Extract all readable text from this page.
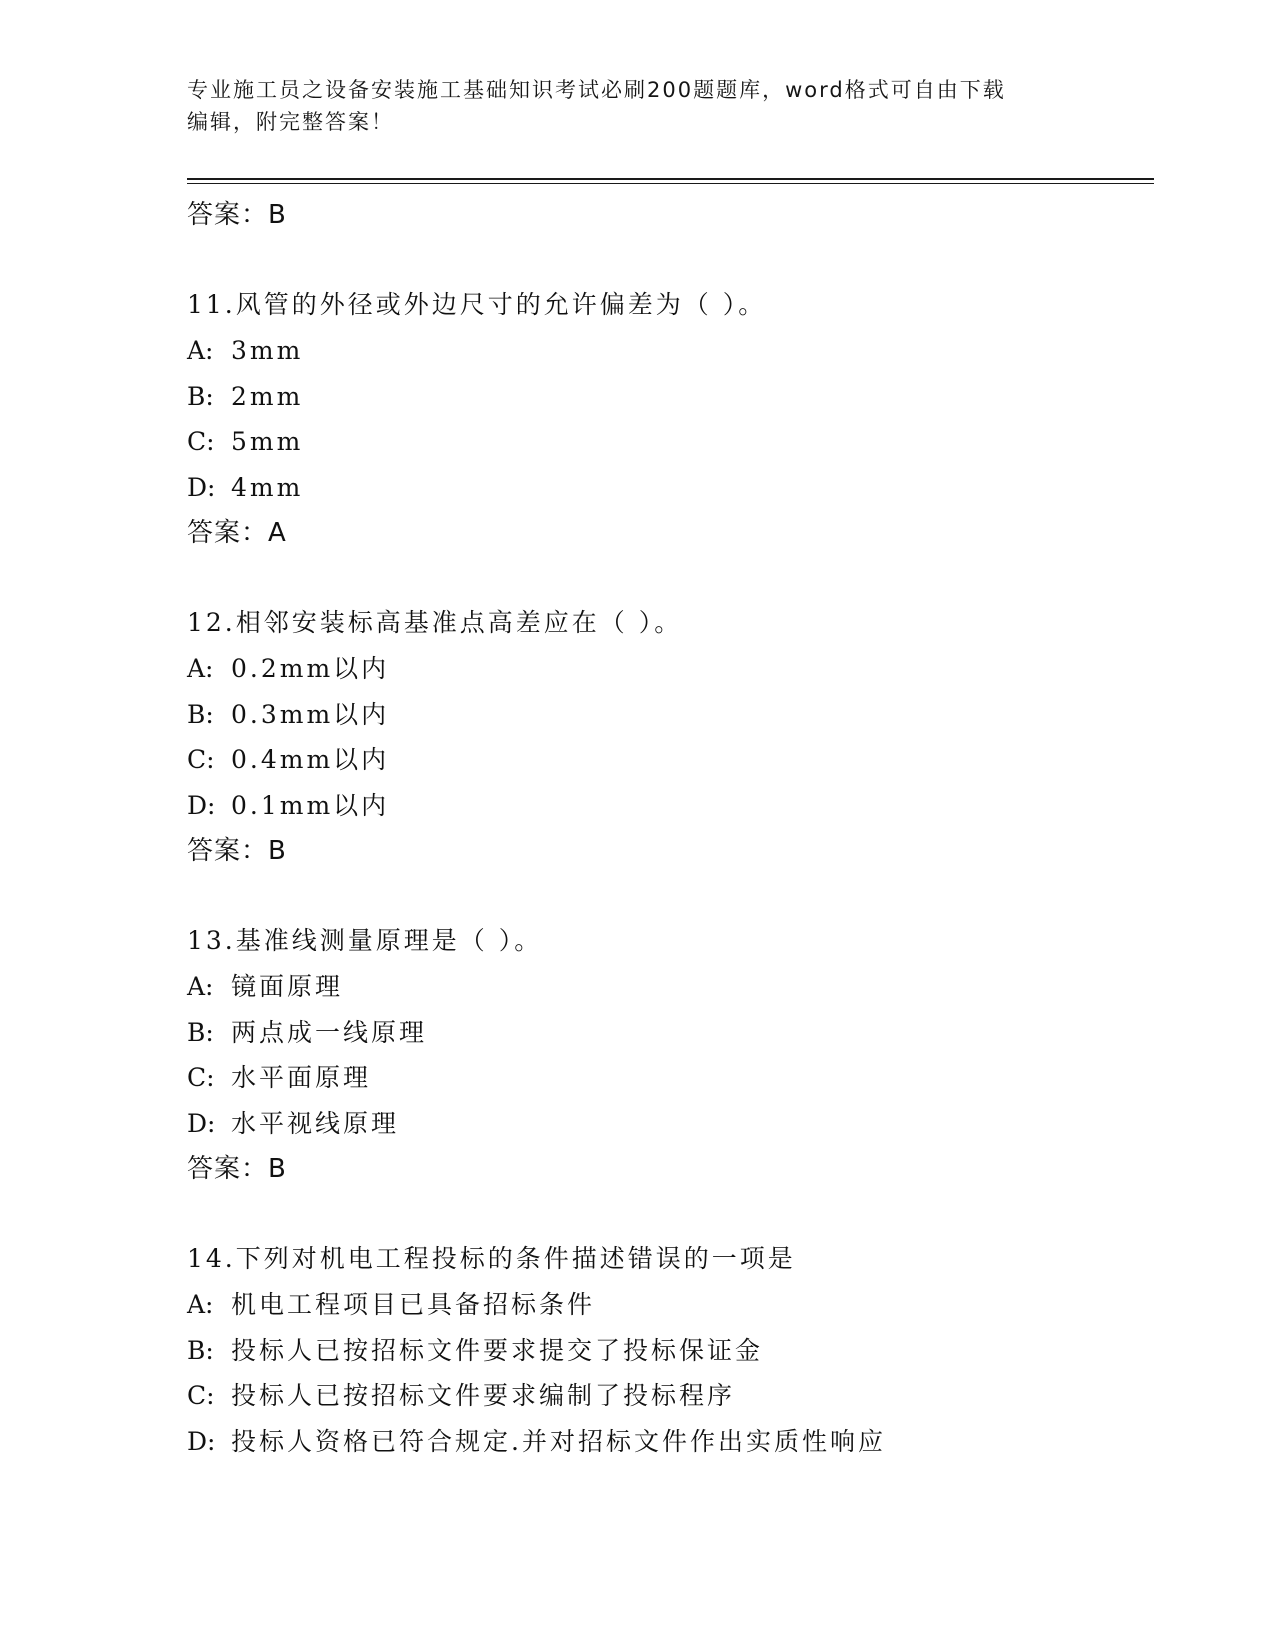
专业施工员之设备安装施工基础知识考试必刷200题题库，word格式可自由下载
编辑，附完整答案！
答案：B
11.风管的外径或外边尺寸的允许偏差为（ ）。
A: 3mm
B: 2mm
C: 5mm
D: 4mm
答案：A
12.相邻安装标高基准点高差应在（ ）。
A: 0.2mm以内
B: 0.3mm以内
C: 0.4mm以内
D: 0.1mm以内
答案：B
13.基准线测量原理是（ ）。
A: 镜面原理
B: 两点成一线原理
C: 水平面原理
D: 水平视线原理
答案：B
14.下列对机电工程投标的条件描述错误的一项是
A: 机电工程项目已具备招标条件
B: 投标人已按招标文件要求提交了投标保证金
C: 投标人已按招标文件要求编制了投标程序
D: 投标人资格已符合规定.并对招标文件作出实质性响应
